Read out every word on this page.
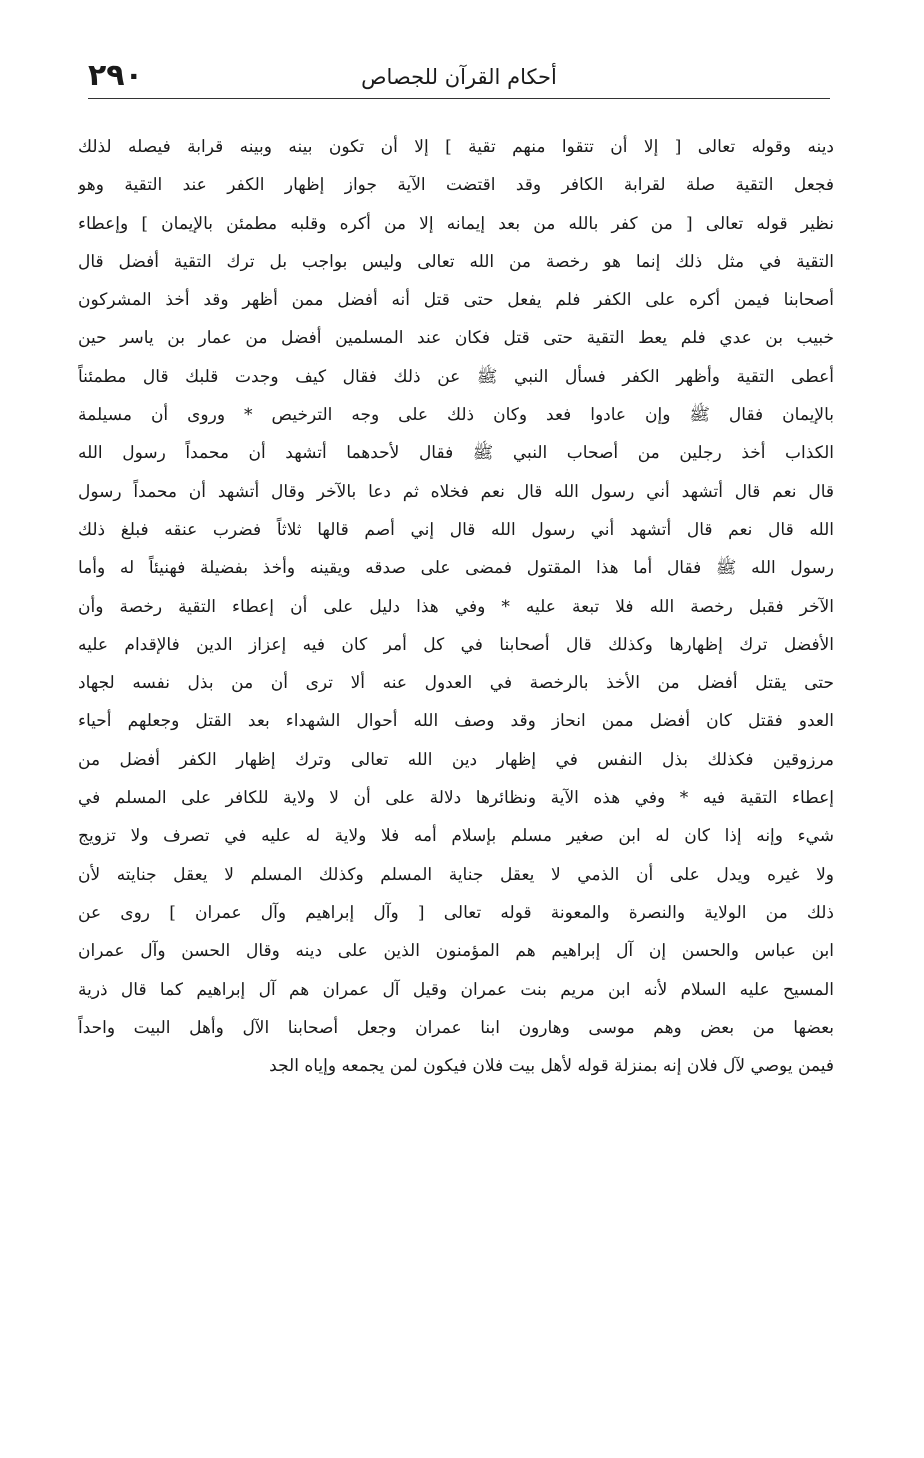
٢٩٠	أحكام القرآن للجصاص
دينه وقوله تعالى [ إلا أن تتقوا منهم تقية ] إلا أن تكون بينه وبينه قرابة فيصله لذلك
فجعل التقية صلة لقرابة الكافر وقد اقتضت الآية جواز إظهار الكفر عند التقية وهو
نظير قوله تعالى [ من كفر بالله من بعد إيمانه إلا من أكره وقلبه مطمئن بالإيمان ] وإعطاء
التقية في مثل ذلك إنما هو رخصة من الله تعالى وليس بواجب بل ترك التقية أفضل قال
أصحابنا فيمن أكره على الكفر فلم يفعل حتى قتل أنه أفضل ممن أظهر وقد أخذ المشركون
خبيب بن عدي فلم يعط التقية حتى قتل فكان عند المسلمين أفضل من عمار بن ياسر حين
أعطى التقية وأظهر الكفر فسأل النبي ﷺ عن ذلك فقال كيف وجدت قلبك قال مطمئناً
بالإيمان فقال ﷺ وإن عادوا فعد وكان ذلك على وجه الترخيص * وروى أن مسيلمة
الكذاب أخذ رجلين من أصحاب النبي ﷺ فقال لأحدهما أتشهد أن محمداً رسول الله
قال نعم قال أتشهد أني رسول الله قال نعم فخلاه ثم دعا بالآخر وقال أتشهد أن محمداً رسول
الله قال نعم قال أتشهد أني رسول الله قال إني أصم قالها ثلاثاً فضرب عنقه فبلغ ذلك
رسول الله ﷺ فقال أما هذا المقتول فمضى على صدقه ويقينه وأخذ بفضيلة فهنيئاً له وأما
الآخر فقبل رخصة الله فلا تبعة عليه * وفي هذا دليل على أن إعطاء التقية رخصة وأن
الأفضل ترك إظهارها وكذلك قال أصحابنا في كل أمر كان فيه إعزاز الدين فالإقدام عليه
حتى يقتل أفضل من الأخذ بالرخصة في العدول عنه ألا ترى أن من بذل نفسه لجهاد
العدو فقتل كان أفضل ممن انحاز وقد وصف الله أحوال الشهداء بعد القتل وجعلهم أحياء
مرزوقين فكذلك بذل النفس في إظهار دين الله تعالى وترك إظهار الكفر أفضل من
إعطاء التقية فيه * وفي هذه الآية ونظائرها دلالة على أن لا ولاية للكافر على المسلم في
شيء وإنه إذا كان له ابن صغير مسلم بإسلام أمه فلا ولاية له عليه في تصرف ولا تزويج
ولا غيره ويدل على أن الذمي لا يعقل جناية المسلم وكذلك المسلم لا يعقل جنايته لأن
ذلك من الولاية والنصرة والمعونة قوله تعالى [ وآل إبراهيم وآل عمران ] روى عن
ابن عباس والحسن إن آل إبراهيم هم المؤمنون الذين على دينه وقال الحسن وآل عمران
المسيح عليه السلام لأنه ابن مريم بنت عمران وقيل آل عمران هم آل إبراهيم كما قال ذرية
بعضها من بعض وهم موسى وهارون ابنا عمران وجعل أصحابنا الآل وأهل البيت واحداً
فيمن يوصي لآل فلان إنه بمنزلة قوله لأهل بيت فلان فيكون لمن يجمعه وإياه الجد
